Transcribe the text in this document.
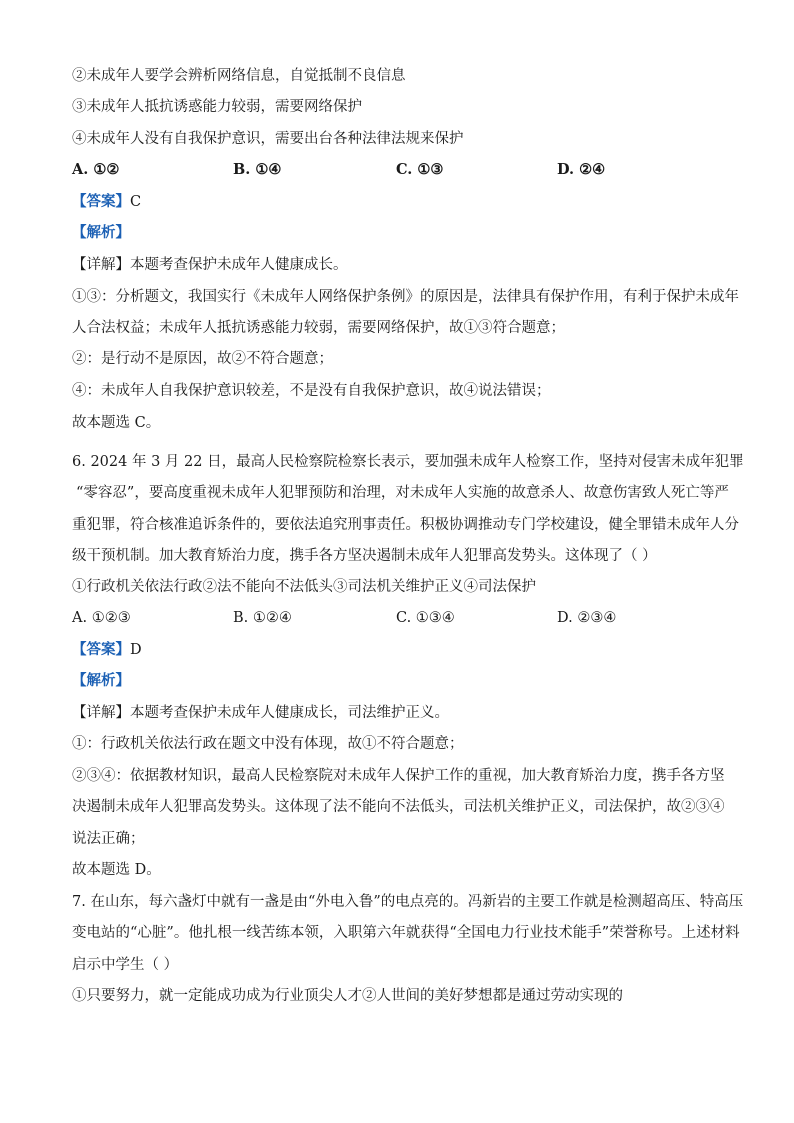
②未成年人要学会辨析网络信息，自觉抵制不良信息
③未成年人抵抗诱惑能力较弱，需要网络保护
④未成年人没有自我保护意识，需要出台各种法律法规来保护
A. ①②	B. ①④	C. ①③	D. ②④
【答案】C
【解析】
【详解】本题考查保护未成年人健康成长。
①③：分析题文，我国实行《未成年人网络保护条例》的原因是，法律具有保护作用，有利于保护未成年
人合法权益；未成年人抵抗诱惑能力较弱，需要网络保护，故①③符合题意；
②：是行动不是原因，故②不符合题意；
④：未成年人自我保护意识较差，不是没有自我保护意识，故④说法错误；
故本题选 C。
6. 2024 年 3 月 22 日，最高人民检察院检察长表示，要加强未成年人检察工作，坚持对侵害未成年犯罪
“零容忍”，要高度重视未成年人犯罪预防和治理，对未成年人实施的故意杀人、故意伤害致人死亡等严
重犯罪，符合核准追诉条件的，要依法追究刑事责任。积极协调推动专门学校建设，健全罪错未成年人分
级干预机制。加大教育矫治力度，携手各方坚决遏制未成年人犯罪高发势头。这体现了（ ）
①行政机关依法行政②法不能向不法低头③司法机关维护正义④司法保护
A. ①②③	B. ①②④	C. ①③④	D. ②③④
【答案】D
【解析】
【详解】本题考查保护未成年人健康成长，司法维护正义。
①：行政机关依法行政在题文中没有体现，故①不符合题意；
②③④：依据教材知识，最高人民检察院对未成年人保护工作的重视，加大教育矫治力度，携手各方坚
决遏制未成年人犯罪高发势头。这体现了法不能向不法低头，司法机关维护正义，司法保护，故②③④
说法正确；
故本题选 D。
7. 在山东，每六盏灯中就有一盏是由“外电入鲁”的电点亮的。冯新岩的主要工作就是检测超高压、特高压
变电站的“心脏”。他扎根一线苦练本领，入职第六年就获得“全国电力行业技术能手”荣誉称号。上述材料
启示中学生（ ）
①只要努力，就一定能成功成为行业顶尖人才②人世间的美好梦想都是通过劳动实现的
